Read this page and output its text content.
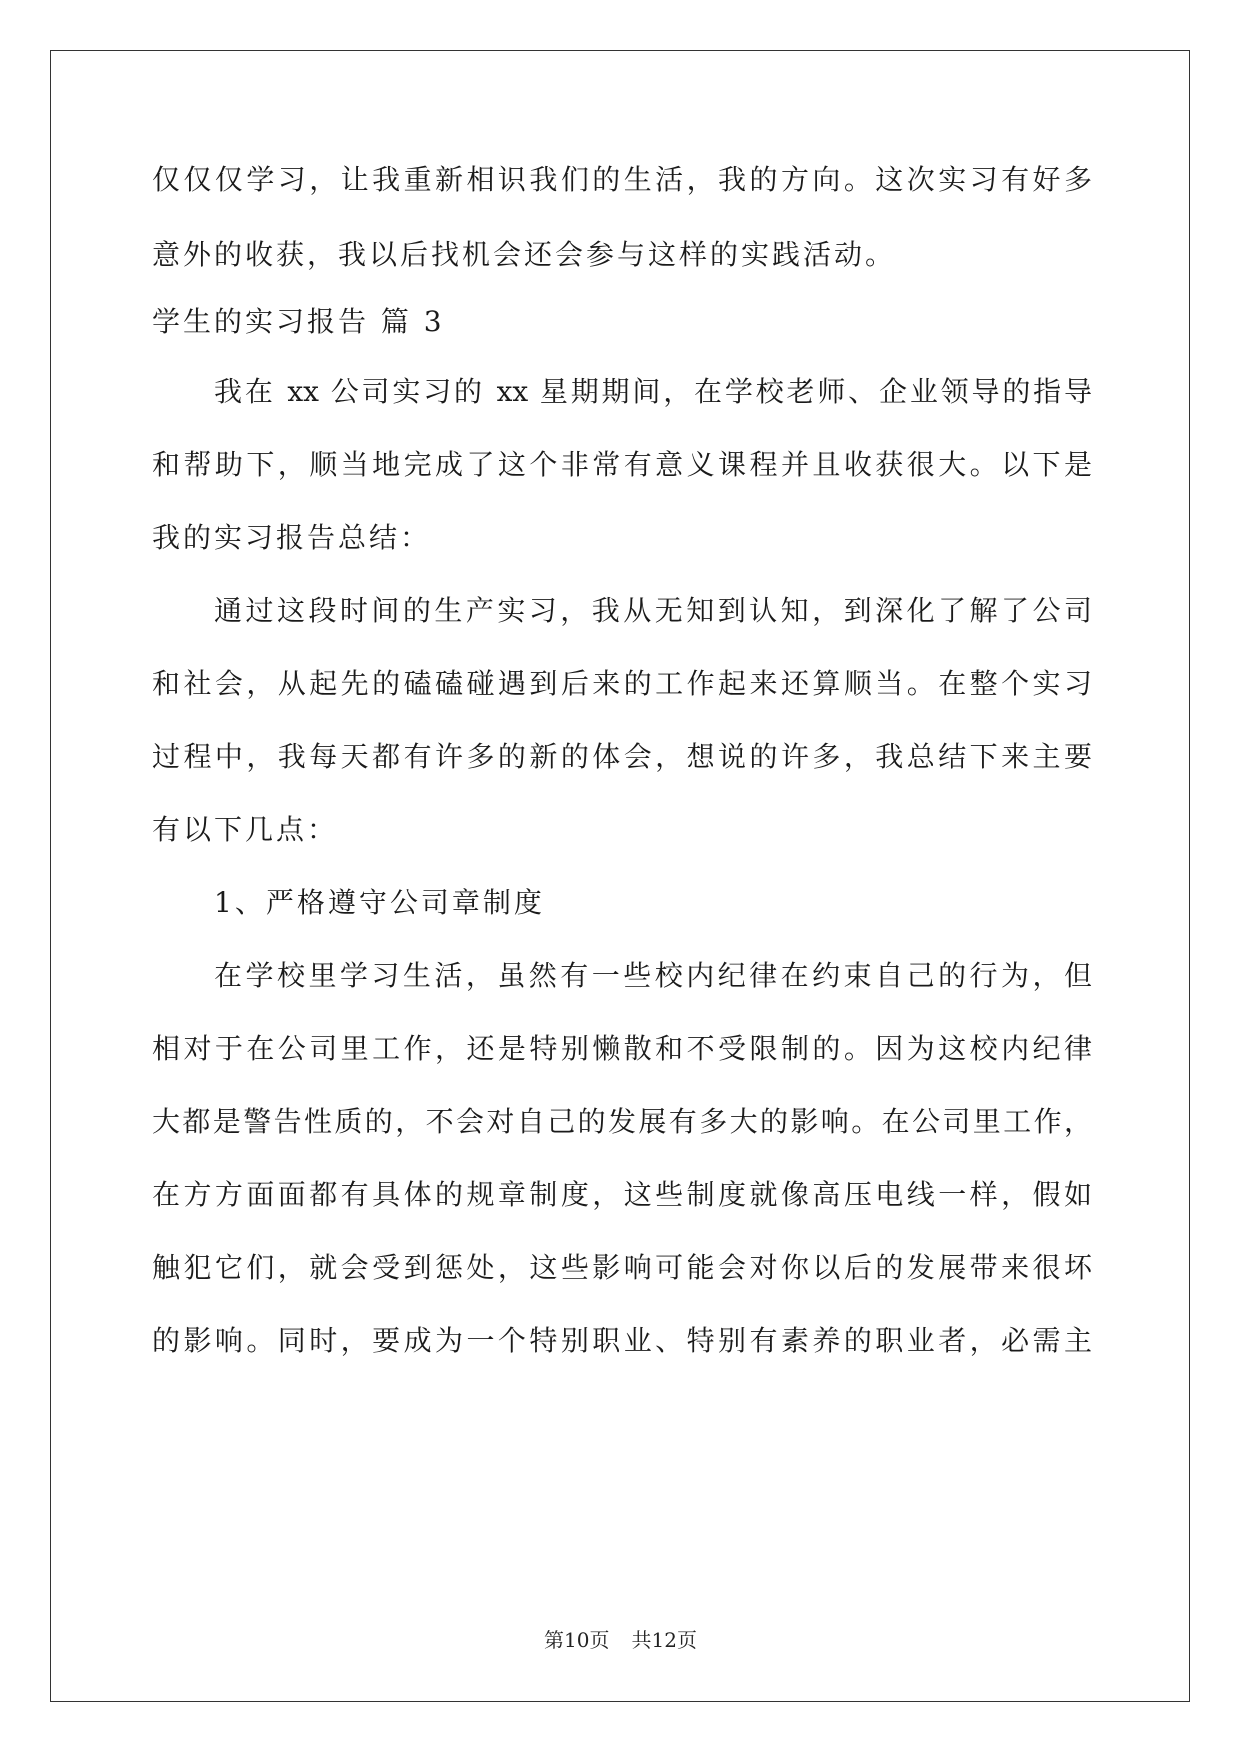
仅仅仅学习，让我重新相识我们的生活，我的方向。这次实习有好多
意外的收获，我以后找机会还会参与这样的实践活动。
学生的实习报告 篇 3
我在 xx 公司实习的 xx 星期期间，在学校老师、企业领导的指导
和帮助下，顺当地完成了这个非常有意义课程并且收获很大。以下是
我的实习报告总结：
通过这段时间的生产实习，我从无知到认知，到深化了解了公司
和社会，从起先的磕磕碰遇到后来的工作起来还算顺当。在整个实习
过程中，我每天都有许多的新的体会，想说的许多，我总结下来主要
有以下几点：
1、严格遵守公司章制度
在学校里学习生活，虽然有一些校内纪律在约束自己的行为，但
相对于在公司里工作，还是特别懒散和不受限制的。因为这校内纪律
大都是警告性质的，不会对自己的发展有多大的影响。在公司里工作，
在方方面面都有具体的规章制度，这些制度就像高压电线一样，假如
触犯它们，就会受到惩处，这些影响可能会对你以后的发展带来很坏
的影响。同时，要成为一个特别职业、特别有素养的职业者，必需主
第10页 共12页
